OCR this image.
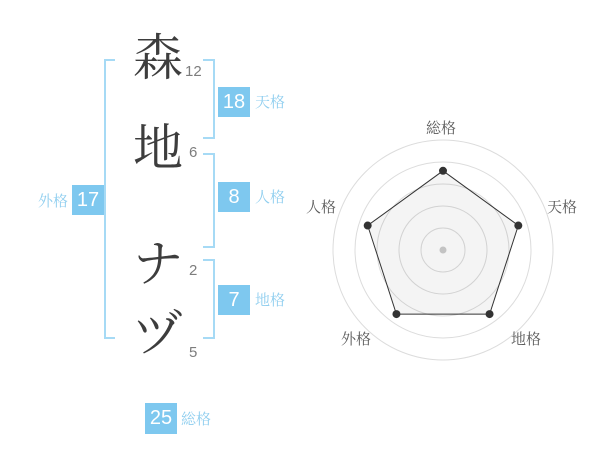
森
地
ナ
ヅ
12
6
2
5
18 天格
8	人格
7	地格
外格 17
25 総格
総格
天格
地格
外格
人格
